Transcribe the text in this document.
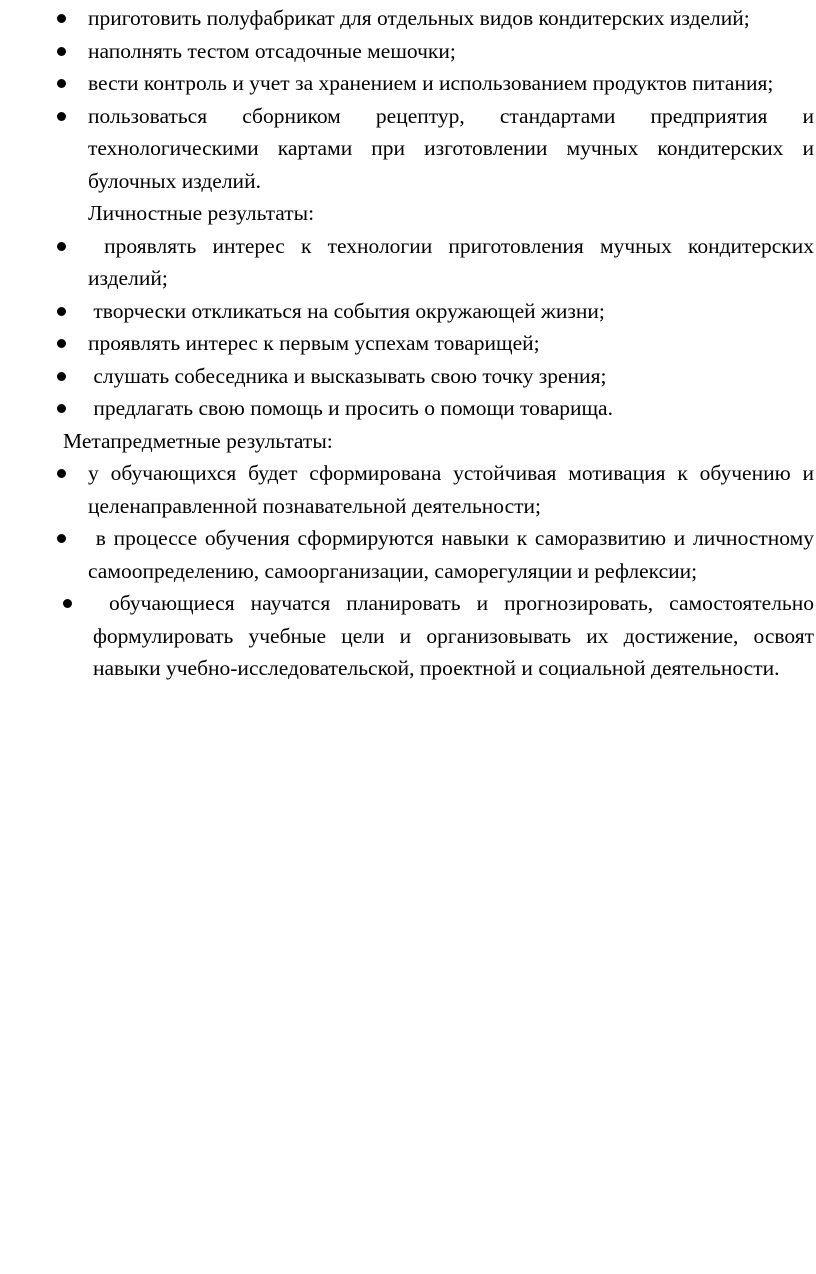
приготовить полуфабрикат для отдельных видов кондитерских изделий;
наполнять тестом отсадочные мешочки;
вести контроль и учет за хранением и использованием продуктов питания;
пользоваться сборником рецептур, стандартами предприятия и технологическими картами при изготовлении мучных кондитерских и булочных изделий.

Личностные результаты:

проявлять интерес к технологии приготовления мучных кондитерских изделий;
творчески откликаться на события окружающей жизни;
проявлять интерес к первым успехам товарищей;
слушать собеседника и высказывать свою точку зрения;
предлагать свою помощь и просить о помощи товарища.

Метапредметные результаты:

у обучающихся будет сформирована устойчивая мотивация к обучению и целенаправленной познавательной деятельности;
в процессе обучения сформируются навыки к саморазвитию и личностному самоопределению, самоорганизации, саморегуляции и рефлексии;
обучающиеся научатся планировать и прогнозировать, самостоятельно формулировать учебные цели и организовывать их достижение, освоят навыки учебно-исследовательской, проектной и социальной деятельности.
